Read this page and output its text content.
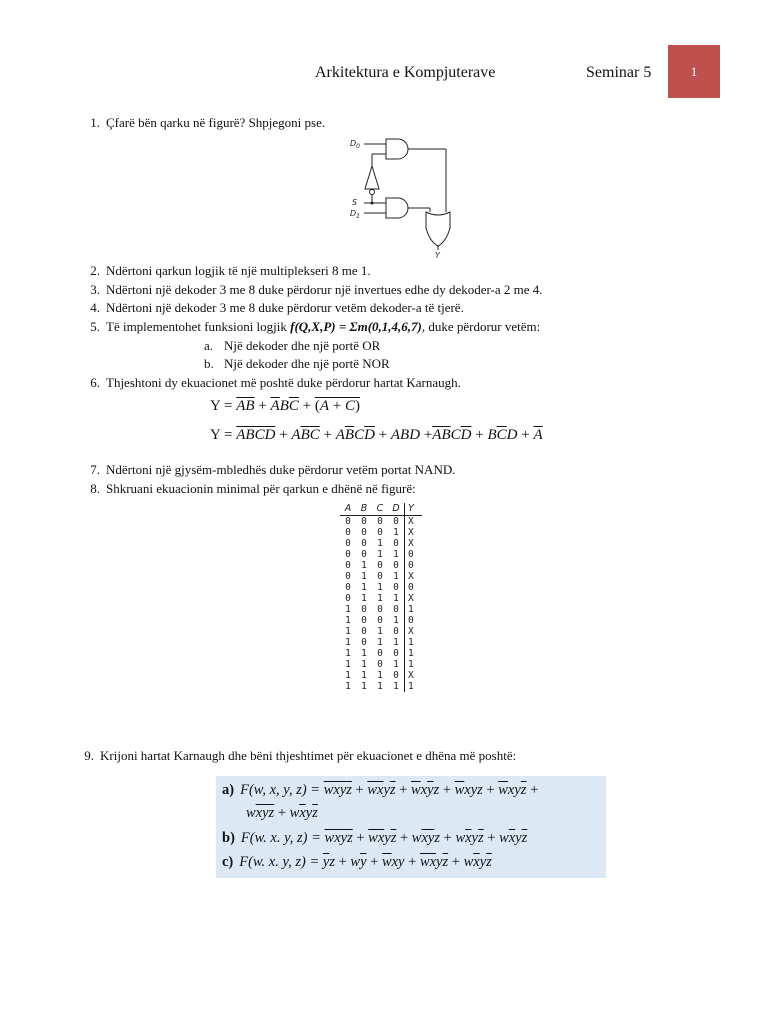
Arkitektura e Kompjuterave	Seminar 5	1
1. Çfarë bën qarku në figurë? Shpjegoni pse.
$D_0$
S
$D_1$
Y
2. Ndërtoni qarkun logjik të një multiplekseri 8 me 1.
3. Ndërtoni një dekoder 3 me 8 duke përdorur një invertues edhe dy dekoder-a 2 me 4.
4. Ndërtoni një dekoder 3 me 8 duke përdorur vetëm dekoder-a të tjerë.
5. Të implementohet funksioni logjik f(Q,X,P) = Σm(0,1,4,6,7), duke përdorur vetëm:
a. Një dekoder dhe një portë OR
b. Një dekoder dhe një portë NOR
6. Thjeshtoni dy ekuacionet më poshtë duke përdorur hartat Karnaugh.
$Y = \overline{AB} + \overline{A}B\overline{C} + (A + C)$
Y = ABCD + $A\overline{B}\overline{C} + A\overline{B}C\overline{D}$ + ABD $+\overline{AB}C\overline{D} + B\overline{C}D + \overline{A}$
7. Ndërtoni një gjysëm-mbledhës duke përdorur vetëm portat NAND.
8. Shkruani ekuacionin minimal për qarkun e dhënë në figurë:
A	B	C	D	Y
0	0	0	0	X
0	0	0	1	X
0	0	1	0	X
0	0	1	1	0
0	1	0	0	0
0	1	0	1	X
0	1	1	0	0
0	1	1	1	X
1	0	0	0	1
1	0	0	1	0
1	0	1	0	X
1	0	1	1	1
1	1	0	0	1
1	1	0	1	1
1	1	1	0	X
1	1	1	1	1
9. Krijoni hartat Karnaugh dhe bëni thjeshtimet për ekuacionet e dhëna më poshtë:
a) F(w, x, y, $z) = \overline{w}\overline{x}\overline{y}\overline{z} + \overline{w}\overline{x}y\overline{z} + \overline{w}x\overline{y}z + \overline{w}xyz + \overline{w}xy\overline{z}$ +
$w\overline{x}\overline{y}\overline{z} + w\overline{x}y\overline{z}$
b) F(w. x. y, $z) = \overline{w}\overline{x}\overline{y}\overline{z} + \overline{w}\overline{x}y\overline{z} + w\overline{x}\overline{y}z + w\overline{x}y\overline{z} + w\overline{x}y\overline{z}$
c) F(w. x. y, $z) = \overline{y}z + w\overline{y} + \overline{w}xy + \overline{w}\overline{x}y\overline{z} + w\overline{x}y\overline{z}$
